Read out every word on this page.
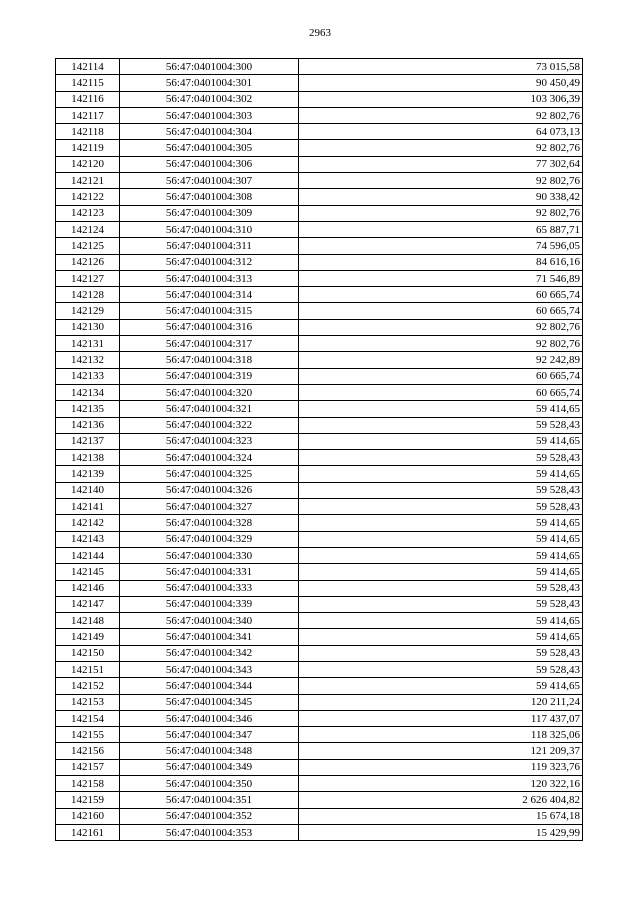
2963
142114	56:47:0401004:300	73 015,58
142115	56:47:0401004:301	90 450,49
142116	56:47:0401004:302	103 306,39
142117	56:47:0401004:303	92 802,76
142118	56:47:0401004:304	64 073,13
142119	56:47:0401004:305	92 802,76
142120	56:47:0401004:306	77 302,64
142121	56:47:0401004:307	92 802,76
142122	56:47:0401004:308	90 338,42
142123	56:47:0401004:309	92 802,76
142124	56:47:0401004:310	65 887,71
142125	56:47:0401004:311	74 596,05
142126	56:47:0401004:312	84 616,16
142127	56:47:0401004:313	71 546,89
142128	56:47:0401004:314	60 665,74
142129	56:47:0401004:315	60 665,74
142130	56:47:0401004:316	92 802,76
142131	56:47:0401004:317	92 802,76
142132	56:47:0401004:318	92 242,89
142133	56:47:0401004:319	60 665,74
142134	56:47:0401004:320	60 665,74
142135	56:47:0401004:321	59 414,65
142136	56:47:0401004:322	59 528,43
142137	56:47:0401004:323	59 414,65
142138	56:47:0401004:324	59 528,43
142139	56:47:0401004:325	59 414,65
142140	56:47:0401004:326	59 528,43
142141	56:47:0401004:327	59 528,43
142142	56:47:0401004:328	59 414,65
142143	56:47:0401004:329	59 414,65
142144	56:47:0401004:330	59 414,65
142145	56:47:0401004:331	59 414,65
142146	56:47:0401004:333	59 528,43
142147	56:47:0401004:339	59 528,43
142148	56:47:0401004:340	59 414,65
142149	56:47:0401004:341	59 414,65
142150	56:47:0401004:342	59 528,43
142151	56:47:0401004:343	59 528,43
142152	56:47:0401004:344	59 414,65
142153	56:47:0401004:345	120 211,24
142154	56:47:0401004:346	117 437,07
142155	56:47:0401004:347	118 325,06
142156	56:47:0401004:348	121 209,37
142157	56:47:0401004:349	119 323,76
142158	56:47:0401004:350	120 322,16
142159	56:47:0401004:351	2 626 404,82
142160	56:47:0401004:352	15 674,18
142161	56:47:0401004:353	15 429,99
